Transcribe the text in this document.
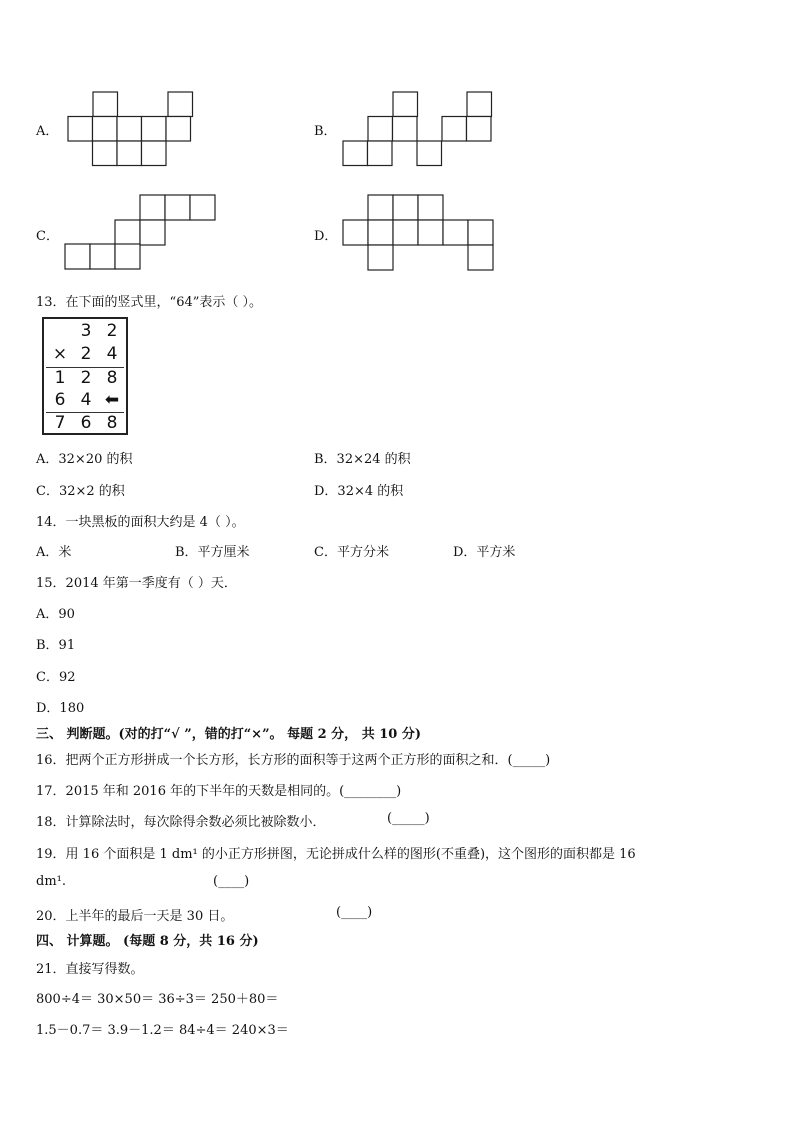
A．	B．
C．	D．
13．在下面的竖式里，“64”表示（ ）。
3 2
× 2 4
1 2 8
6 4 ⬅
7 6 8
A．32×20 的积	B．32×24 的积
C．32×2 的积	D．32×4 的积
14．一块黑板的面积大约是 4（ ）。
A．米	B．平方厘米	C．平方分米	D．平方米
15．2014 年第一季度有（ ）天．
A．90
B．91
C．92
D．180
三、 判断题。(对的打“√ ”，错的打“×”。 每题 2 分， 共 10 分)
16．把两个正方形拼成一个长方形，长方形的面积等于这两个正方形的面积之和．(_____)
17．2015 年和 2016 年的下半年的天数是相同的。(________)
18．计算除法时，每次除得余数必须比被除数小．	(_____)
19．用 16 个面积是 1 dm¹ 的小正方形拼图，无论拼成什么样的图形(不重叠)，这个图形的面积都是 16
dm¹.	(____)
20．上半年的最后一天是 30 日。	(____)
四、 计算题。 (每题 8 分，共 16 分)
21．直接写得数。
800÷4＝ 30×50＝ 36÷3＝ 250＋80＝
1.5－0.7＝ 3.9－1.2＝ 84÷4＝ 240×3＝
